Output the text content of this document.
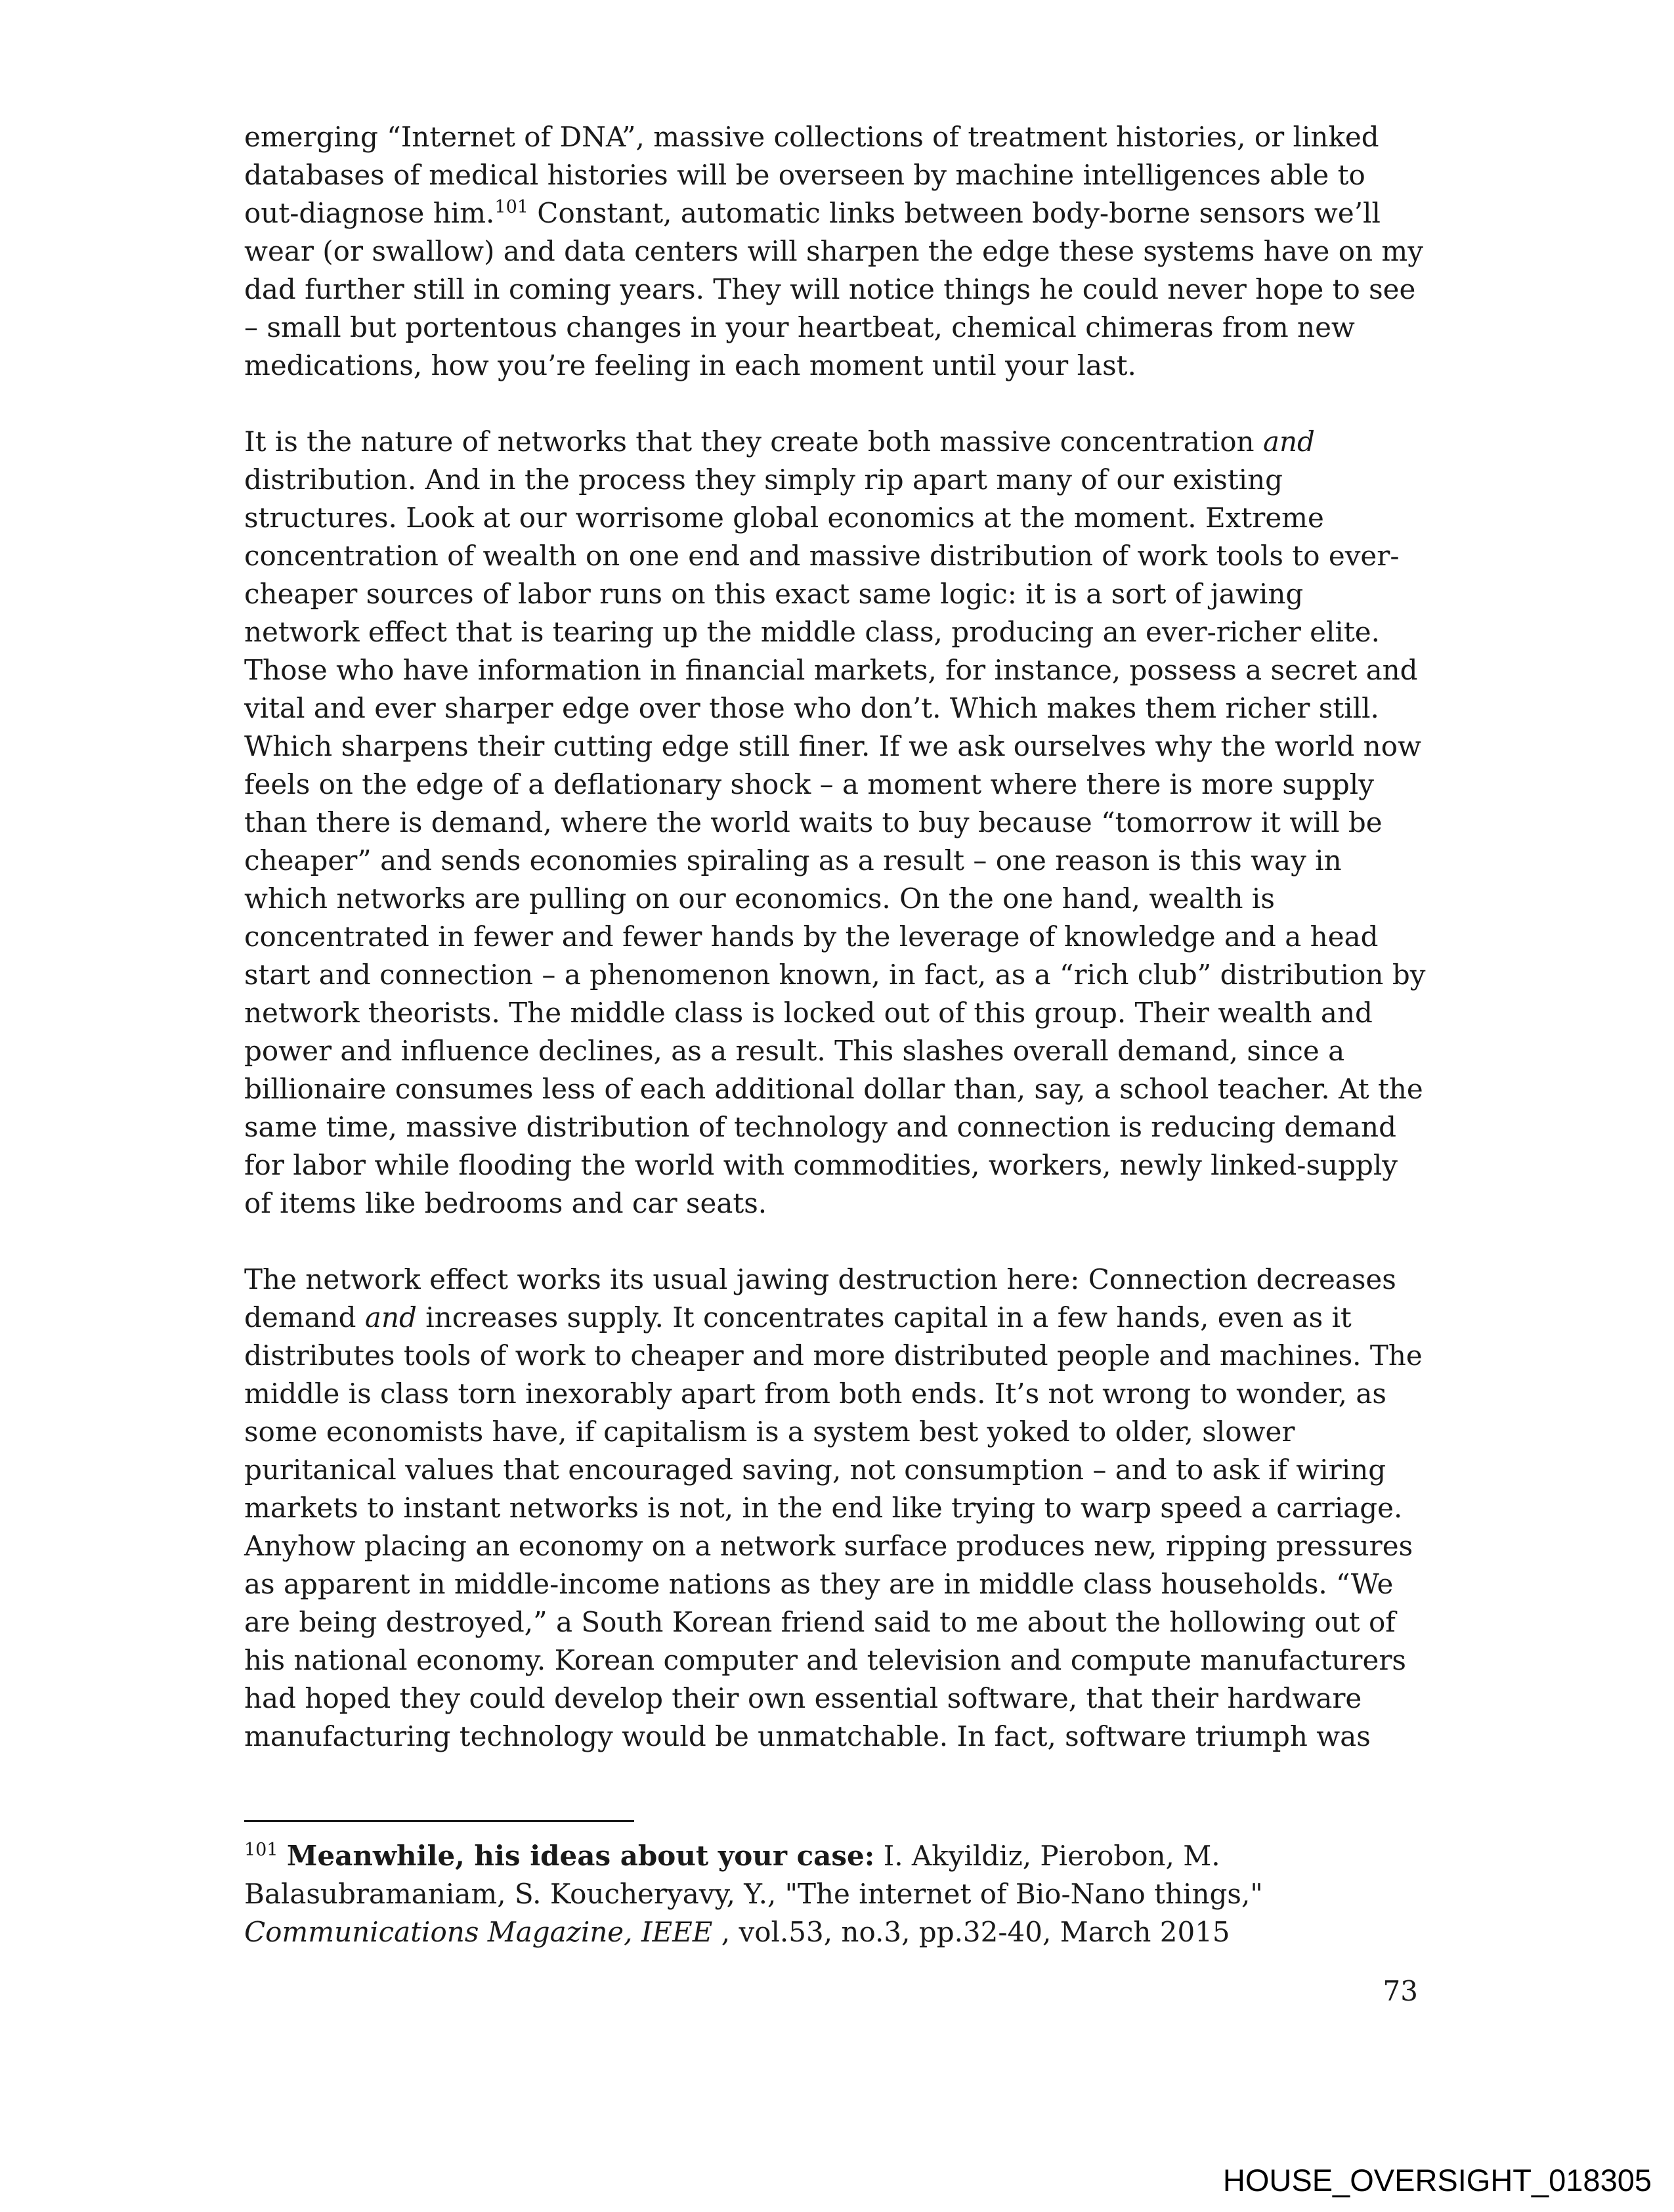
emerging “Internet of DNA”, massive collections of treatment histories, or linked databases of medical histories will be overseen by machine intelligences able to out-diagnose him.$^{101}$ Constant, automatic links between body-borne sensors we’ll wear (or swallow) and data centers will sharpen the edge these systems have on my dad further still in coming years. They will notice things he could never hope to see – small but portentous changes in your heartbeat, chemical chimeras from new medications, how you’re feeling in each moment until your last.

It is the nature of networks that they create both massive concentration and distribution. And in the process they simply rip apart many of our existing structures. Look at our worrisome global economics at the moment. Extreme concentration of wealth on one end and massive distribution of work tools to ever-cheaper sources of labor runs on this exact same logic: it is a sort of jawing network effect that is tearing up the middle class, producing an ever-richer elite. Those who have information in financial markets, for instance, possess a secret and vital and ever sharper edge over those who don’t. Which makes them richer still. Which sharpens their cutting edge still finer. If we ask ourselves why the world now feels on the edge of a deflationary shock – a moment where there is more supply than there is demand, where the world waits to buy because “tomorrow it will be cheaper” and sends economies spiraling as a result – one reason is this way in which networks are pulling on our economics. On the one hand, wealth is concentrated in fewer and fewer hands by the leverage of knowledge and a head start and connection – a phenomenon known, in fact, as a “rich club” distribution by network theorists. The middle class is locked out of this group. Their wealth and power and influence declines, as a result. This slashes overall demand, since a billionaire consumes less of each additional dollar than, say, a school teacher. At the same time, massive distribution of technology and connection is reducing demand for labor while flooding the world with commodities, workers, newly linked-supply of items like bedrooms and car seats.

The network effect works its usual jawing destruction here: Connection decreases demand and increases supply. It concentrates capital in a few hands, even as it distributes tools of work to cheaper and more distributed people and machines. The middle is class torn inexorably apart from both ends. It’s not wrong to wonder, as some economists have, if capitalism is a system best yoked to older, slower puritanical values that encouraged saving, not consumption – and to ask if wiring markets to instant networks is not, in the end like trying to warp speed a carriage. Anyhow placing an economy on a network surface produces new, ripping pressures as apparent in middle-income nations as they are in middle class households. “We are being destroyed,” a South Korean friend said to me about the hollowing out of his national economy. Korean computer and television and compute manufacturers had hoped they could develop their own essential software, that their hardware manufacturing technology would be unmatchable. In fact, software triumph was

$^{101}$ Meanwhile, his ideas about your case: I. Akyildiz, Pierobon, M. Balasubramaniam, S. Koucheryavy, Y., "The internet of Bio-Nano things," Communications Magazine, IEEE , vol.53, no.3, pp.32-40, March 2015
73
HOUSE_OVERSIGHT_018305
